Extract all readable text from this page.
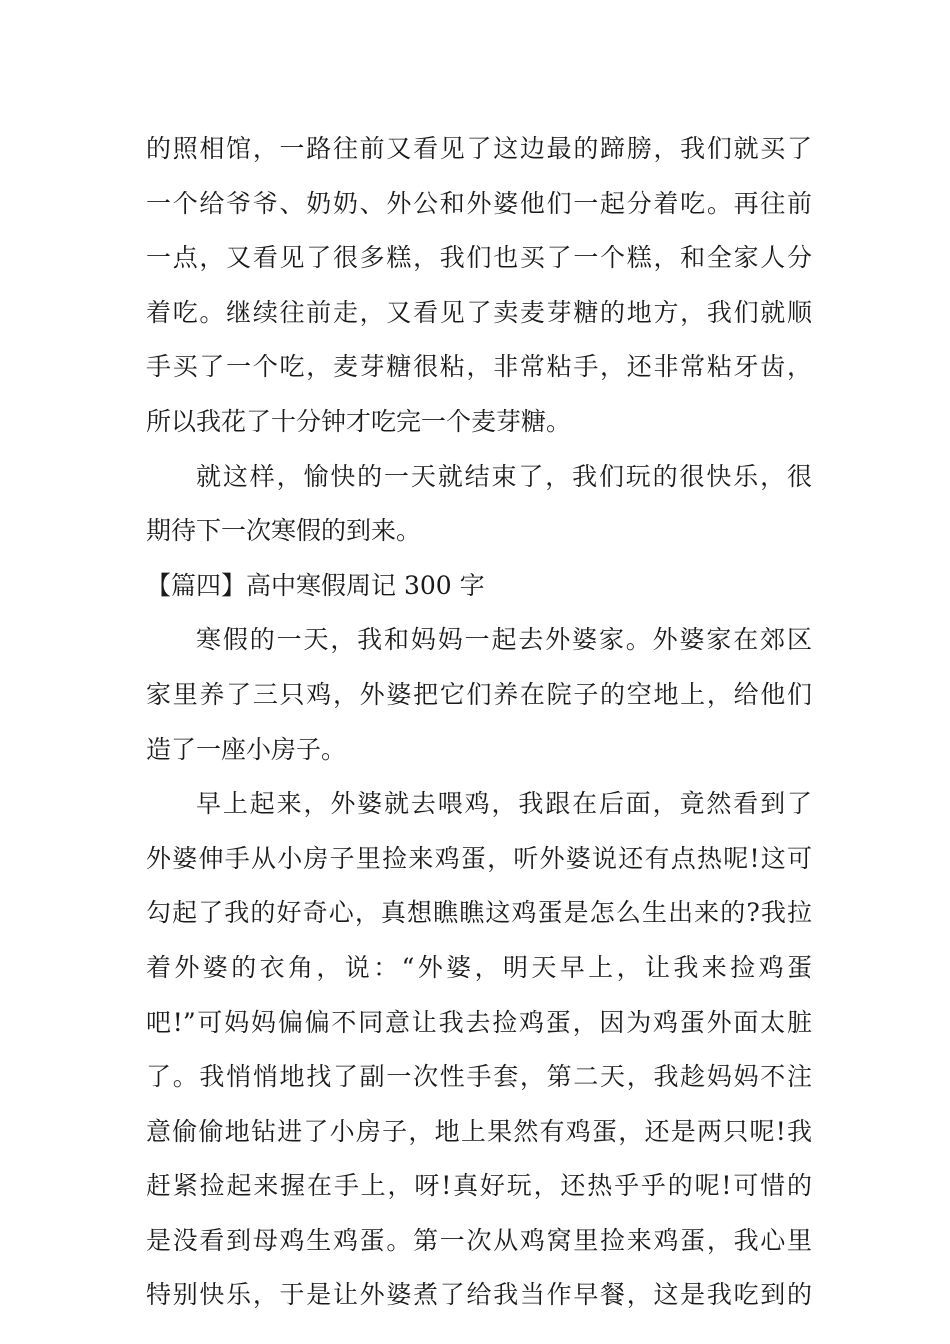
的照相馆，一路往前又看见了这边最的蹄膀，我们就买了
一个给爷爷、奶奶、外公和外婆他们一起分着吃。再往前
一点，又看见了很多糕，我们也买了一个糕，和全家人分
着吃。继续往前走，又看见了卖麦芽糖的地方，我们就顺
手买了一个吃，麦芽糖很粘，非常粘手，还非常粘牙齿，
所以我花了十分钟才吃完一个麦芽糖。
就这样，愉快的一天就结束了，我们玩的很快乐，很
期待下一次寒假的到来。
【篇四】高中寒假周记 300 字
寒假的一天，我和妈妈一起去外婆家。外婆家在郊区
家里养了三只鸡，外婆把它们养在院子的空地上，给他们
造了一座小房子。
早上起来，外婆就去喂鸡，我跟在后面，竟然看到了
外婆伸手从小房子里捡来鸡蛋，听外婆说还有点热呢!这可
勾起了我的好奇心，真想瞧瞧这鸡蛋是怎么生出来的?我拉
着外婆的衣角，说：“外婆，明天早上，让我来捡鸡蛋
吧!”可妈妈偏偏不同意让我去捡鸡蛋，因为鸡蛋外面太脏
了。我悄悄地找了副一次性手套，第二天，我趁妈妈不注
意偷偷地钻进了小房子，地上果然有鸡蛋，还是两只呢!我
赶紧捡起来握在手上，呀!真好玩，还热乎乎的呢!可惜的
是没看到母鸡生鸡蛋。第一次从鸡窝里捡来鸡蛋，我心里
特别快乐，于是让外婆煮了给我当作早餐，这是我吃到的
